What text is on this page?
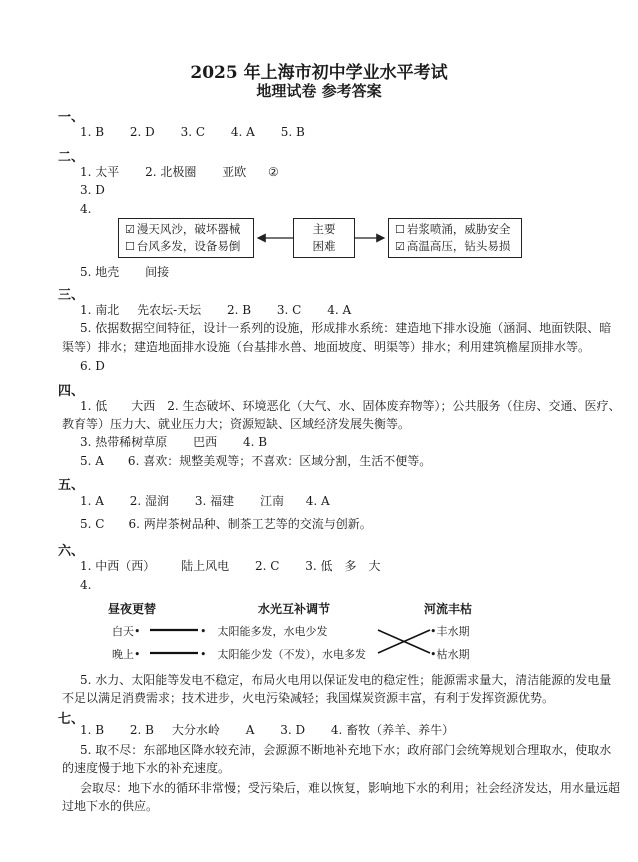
2025 年上海市初中学业水平考试
地理试卷 参考答案
一、
1. B 2. D 3. C 4. A 5. B
二、
1. 太平 2. 北极圈 亚欧 ②
3. D
4.
☑ 漫天风沙，破坏器械
☐ 台风多发，设备易倒
主要
困难
☐ 岩浆喷涌，威胁安全
☑ 高温高压，钻头易损
5. 地壳 间接
三、
1. 南北 先农坛-天坛 2. B 3. C 4. A
5. 依据数据空间特征，设计一系列的设施，形成排水系统：建造地下排水设施（涵洞、地面铁限、暗
渠等）排水；建造地面排水设施（台基排水兽、地面坡度、明渠等）排水；利用建筑檐屋顶排水等。
6. D
四、
1. 低　　大西　2. 生态破坏、环境恶化（大气、水、固体废弃物等）；公共服务（住房、交通、医疗、
教育等）压力大、就业压力大；资源短缺、区域经济发展失衡等。
3. 热带稀树草原 巴西 4. B
5. A　　6. 喜欢：规整美观等；不喜欢：区域分割，生活不便等。
五、
1. A 2. 湿润 3. 福建 江南 4. A
5. C　　6. 两岸茶树品种、制茶工艺等的交流与创新。
六、
1. 中西（西） 陆上风电 2. C 3. 低　多　大
4.
昼夜更替	水光互补调节	河流丰枯
白天•
晚上•
•　太阳能多发，水电少发
•　太阳能少发（不发），水电多发
•丰水期
•枯水期
5. 水力、太阳能等发电不稳定，布局火电用以保证发电的稳定性；能源需求量大，清洁能源的发电量
不足以满足消费需求；技术进步，火电污染减轻；我国煤炭资源丰富，有利于发挥资源优势。
七、
1. B 2. B 大分水岭 A 3. D 4. 畜牧（养羊、养牛）
5. 取不尽：东部地区降水较充沛，会源源不断地补充地下水；政府部门会统筹规划合理取水，使取水
的速度慢于地下水的补充速度。
会取尽：地下水的循环非常慢；受污染后，难以恢复，影响地下水的利用；社会经济发达，用水量远超
过地下水的供应。
